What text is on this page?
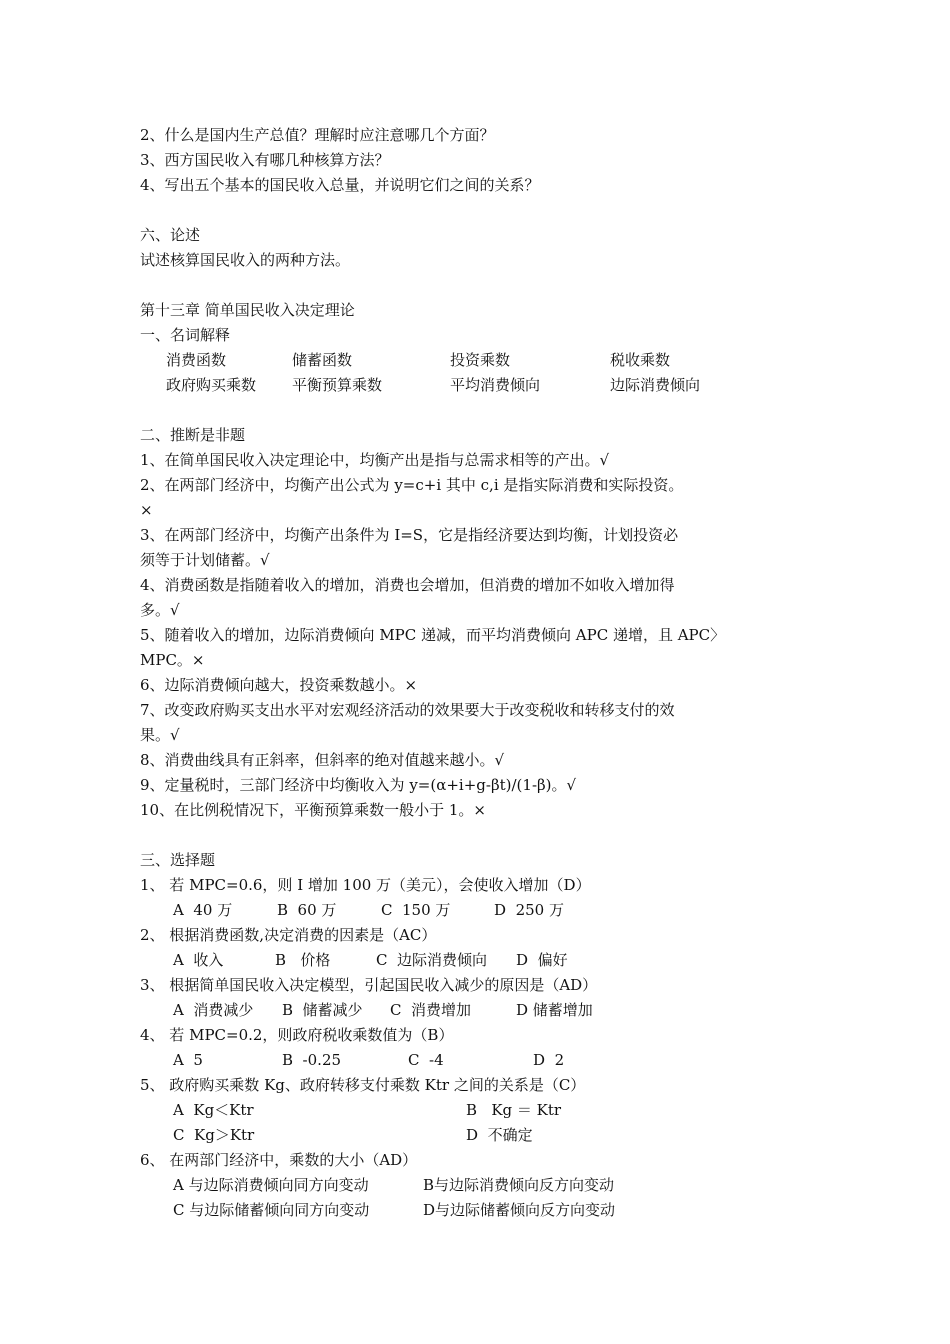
2、什么是国内生产总值？理解时应注意哪几个方面？
3、西方国民收入有哪几种核算方法？
4、写出五个基本的国民收入总量，并说明它们之间的关系？
六、论述
试述核算国民收入的两种方法。
第十三章 简单国民收入决定理论
一、名词解释
消费函数	储蓄函数	投资乘数	税收乘数
政府购买乘数 平衡预算乘数	平均消费倾向	边际消费倾向
二、推断是非题
1、在简单国民收入决定理论中，均衡产出是指与总需求相等的产出。√
2、在两部门经济中，均衡产出公式为 y=c+i 其中 c,i 是指实际消费和实际投资。
×
3、在两部门经济中，均衡产出条件为 I=S，它是指经济要达到均衡，计划投资必
须等于计划储蓄。√
4、消费函数是指随着收入的增加，消费也会增加，但消费的增加不如收入增加得
多。√
5、随着收入的增加，边际消费倾向 MPC 递减，而平均消费倾向 APC 递增，且 APC〉
MPC。×
6、边际消费倾向越大，投资乘数越小。×
7、改变政府购买支出水平对宏观经济活动的效果要大于改变税收和转移支付的效
果。√
8、消费曲线具有正斜率，但斜率的绝对值越来越小。√
9、定量税时，三部门经济中均衡收入为 y=(α+i+g-βt)/(1-β)。√
10、在比例税情况下，平衡预算乘数一般小于 1。×
三、选择题
1、 若 MPC=0.6，则 I 增加 100 万（美元），会使收入增加（D）
A  40 万	B  60 万	C  150 万	D  250 万
2、 根据消费函数,决定消费的因素是（AC）
A  收入	B   价格	C  边际消费倾向 D  偏好
3、 根据简单国民收入决定模型，引起国民收入减少的原因是（AD）
A  消费减少 B  储蓄减少 C  消费增加	D 储蓄增加
4、 若 MPC=0.2，则政府税收乘数值为（B）
A  5	B  -0.25	C  -4	D  2
5、 政府购买乘数 Kg、政府转移支付乘数 Ktr 之间的关系是（C）
A  Kg＜Ktr	B   Kg ＝ Ktr
C  Kg＞Ktr	D  不确定
6、 在两部门经济中，乘数的大小（AD）
A 与边际消费倾向同方向变动	B与边际消费倾向反方向变动
C 与边际储蓄倾向同方向变动	D与边际储蓄倾向反方向变动
